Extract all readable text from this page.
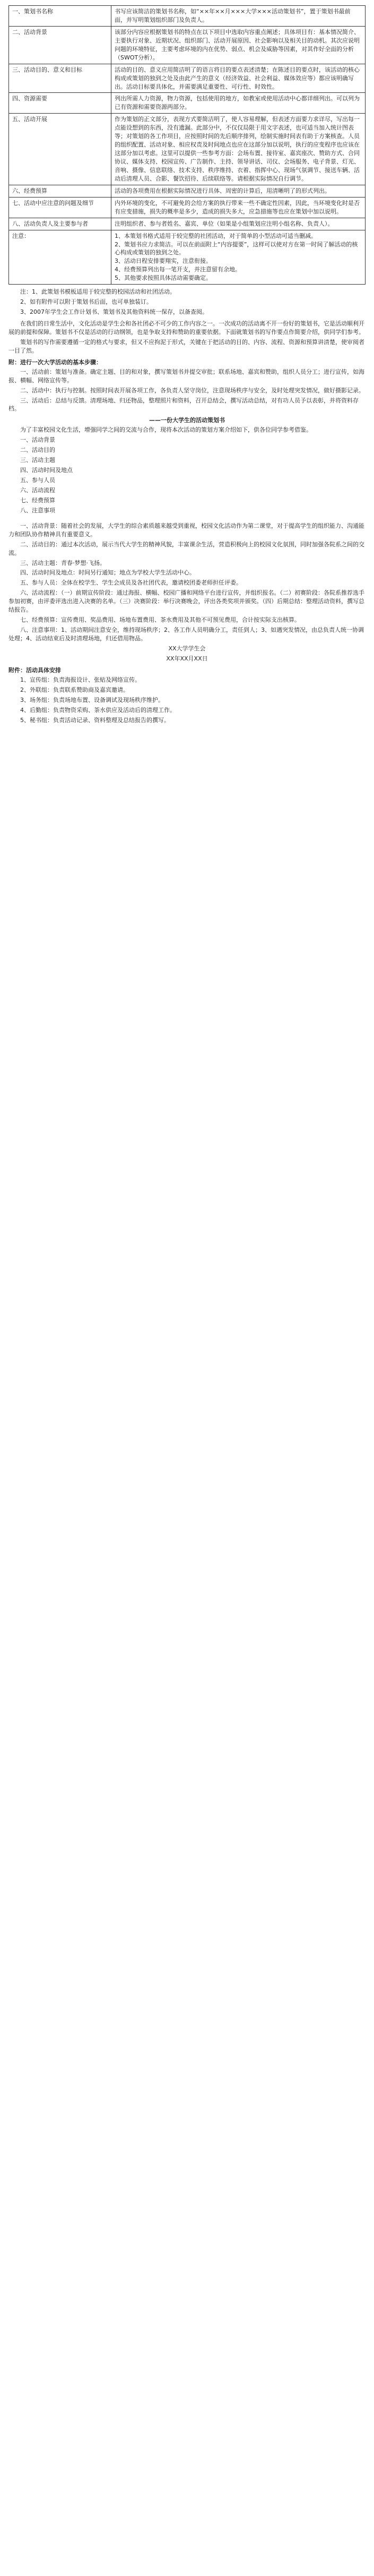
一、策划书名称	书写应该简洁的策划书名称，如“××年××月×××大学×××活动策划书”，置于策划书最前面，并写明策划组织部门及负责人。
二、活动背景	该部分内容应根据策划书的特点在以下项目中选取内容重点阐述；具体项目有：基本情况简介、主要执行对象、近期状况、组织部门、活动开展原因、社会影响以及相关目的动机。其次应说明问题的环境特征，主要考虑环境的内在优势、弱点、机会及威胁等因素，对其作好全面的分析（SWOT分析）。
三、活动目的、意义和目标	活动的目的、意义应用简洁明了的语言将目的要点表述清楚；在陈述目的要点时，该活动的核心构成或策划的独到之处及由此产生的意义（经济效益、社会利益、媒体效应等）都应该明确写出。活动目标要具体化，并需要满足重要性、可行性、时效性。
四、资源需要	列出所需人力资源，物力资源，包括使用的地方，如教室或使用活动中心都详细列出。可以列为已有资源和需要资源两部分。
五、活动开展	作为策划的正文部分，表现方式要简洁明了，使人容易理解，但表述方面要力求详尽，写出每一点能设想到的东西，没有遗漏。此部分中，不仅仅局限于用文字表述，也可适当加入统计图表等；对策划的各工作项目，应按照时间的先后顺序排列，绘制实施时间表有助于方案核查。人员的组织配置、活动对象、相应权责及时间地点也应在这部分加以说明，执行的应变程序也应该在这部分加以考虑。这里可以提供一些参考方面：会场布置、接待室、嘉宾座次、赞助方式、合同协议、媒体支持、校园宣传、广告制作、主持、领导讲话、司仪、会场服务、电子背景、灯光、音响、摄像、信息联络、技术支持、秩序维持、衣着、指挥中心、现场气氛调节、接送车辆、活动后清理人员、合影、餐饮招待、后续联络等。请根据实际情况自行调节。
六、经费预算	活动的各项费用在根据实际情况进行具体、周密的计算后，用清晰明了的形式列出。
七、活动中应注意的问题及细节	内外环境的变化，不可避免的会给方案的执行带来一些不确定性因素，因此，当环境变化时是否有应变措施，损失的概率是多少，造成的损失多大，应急措施等也应在策划中加以说明。
八、活动负责人及主要参与者	注明组织者、参与者姓名、嘉宾、单位（如果是小组策划应注明小组名称、负责人）。
注意：	1、本策划书格式适用于较完整的社团活动，对于简单的小型活动可适当删减。
2、策划书应力求简洁。可以在前面附上“内容提要”，这样可以使对方在第一时间了解活动的核心构成或策划的独到之处。
3、活动日程安排要翔实，注意衔接。
4、经费预算列出每一笔开支，并注意留有余地。
5、其他要求按照具体活动需要确定。

注：1、此策划书模板适用于较完整的校园活动和社团活动。

2、如有附件可以附于策划书后面，也可单独装订。

3、2007年学生会工作计划书、策划书及其他资料统一保存，以备查阅。

在我们的日常生活中，文化活动是学生会和各社团必不可少的工作内容之一。一次成功的活动离不开一份好的策划书，它是活动顺利开展的前提和保障。策划书不仅是活动的行动纲领，也是争取支持和赞助的重要依据。下面就策划书的写作要点作简要介绍，供同学们参考。

策划书的写作需要遵循一定的格式与要求，但又不应拘泥于形式，关键在于把活动的目的、内容、流程、资源和预算讲清楚，使审阅者一目了然。

附：进行一次大学活动的基本步骤：

一、活动前：策划与准备。确定主题、目的和对象，撰写策划书并提交审批；联系场地、嘉宾和赞助，组织人员分工；进行宣传，如海报、横幅、网络宣传等。

二、活动中：执行与控制。按照时间表开展各项工作，各负责人坚守岗位，注意现场秩序与安全，及时处理突发情况，做好摄影记录。

三、活动后：总结与反馈。清理场地、归还物品，整理照片和资料，召开总结会，撰写活动总结，对有功人员予以表彰，并将资料存档。

——一份大学生的活动策划书

为了丰富校园文化生活，增强同学之间的交流与合作，现将本次活动的策划方案介绍如下，供各位同学参考借鉴。

一、活动背景

二、活动目的

三、活动主题

四、活动时间及地点

五、参与人员

六、活动流程

七、经费预算

八、注意事项

一、活动背景：随着社会的发展，大学生的综合素质越来越受到重视，校园文化活动作为第二课堂，对于提高学生的组织能力、沟通能力和团队协作精神具有重要意义。

二、活动目的：通过本次活动，展示当代大学生的精神风貌，丰富课余生活，营造积极向上的校园文化氛围，同时加强各院系之间的交流。

三、活动主题：青春·梦想·飞扬。

四、活动时间及地点：时间另行通知；地点为学校大学生活动中心。

五、参与人员：全体在校学生、学生会成员及各社团代表，邀请校团委老师担任评委。

六、活动流程：（一）前期宣传阶段：通过海报、横幅、校园广播和网络平台进行宣传，并组织报名。（二）初赛阶段：各院系推荐选手参加初赛，由评委评选出进入决赛的名单。（三）决赛阶段：举行决赛晚会，评出各类奖项并颁奖。（四）后期总结：整理活动资料，撰写总结报告。

七、经费预算：宣传费用、奖品费用、场地布置费用、茶水费用及其他不可预见费用，合计按实际支出核算。

八、注意事项：1、活动期间注意安全，维持现场秩序；2、各工作人员明确分工，责任到人；3、如遇突发情况，由总负责人统一协调处理；4、活动结束后及时清理场地，归还借用物品。

XX大学学生会

XX年XX月XX日

附件：活动具体安排

1、宣传组：负责海报设计、张贴及网络宣传。

2、外联组：负责联系赞助商及嘉宾邀请。

3、场务组：负责场地布置、设备调试及现场秩序维护。

4、后勤组：负责物资采购、茶水供应及活动后的清理工作。

5、秘书组：负责活动记录、资料整理及总结报告的撰写。
